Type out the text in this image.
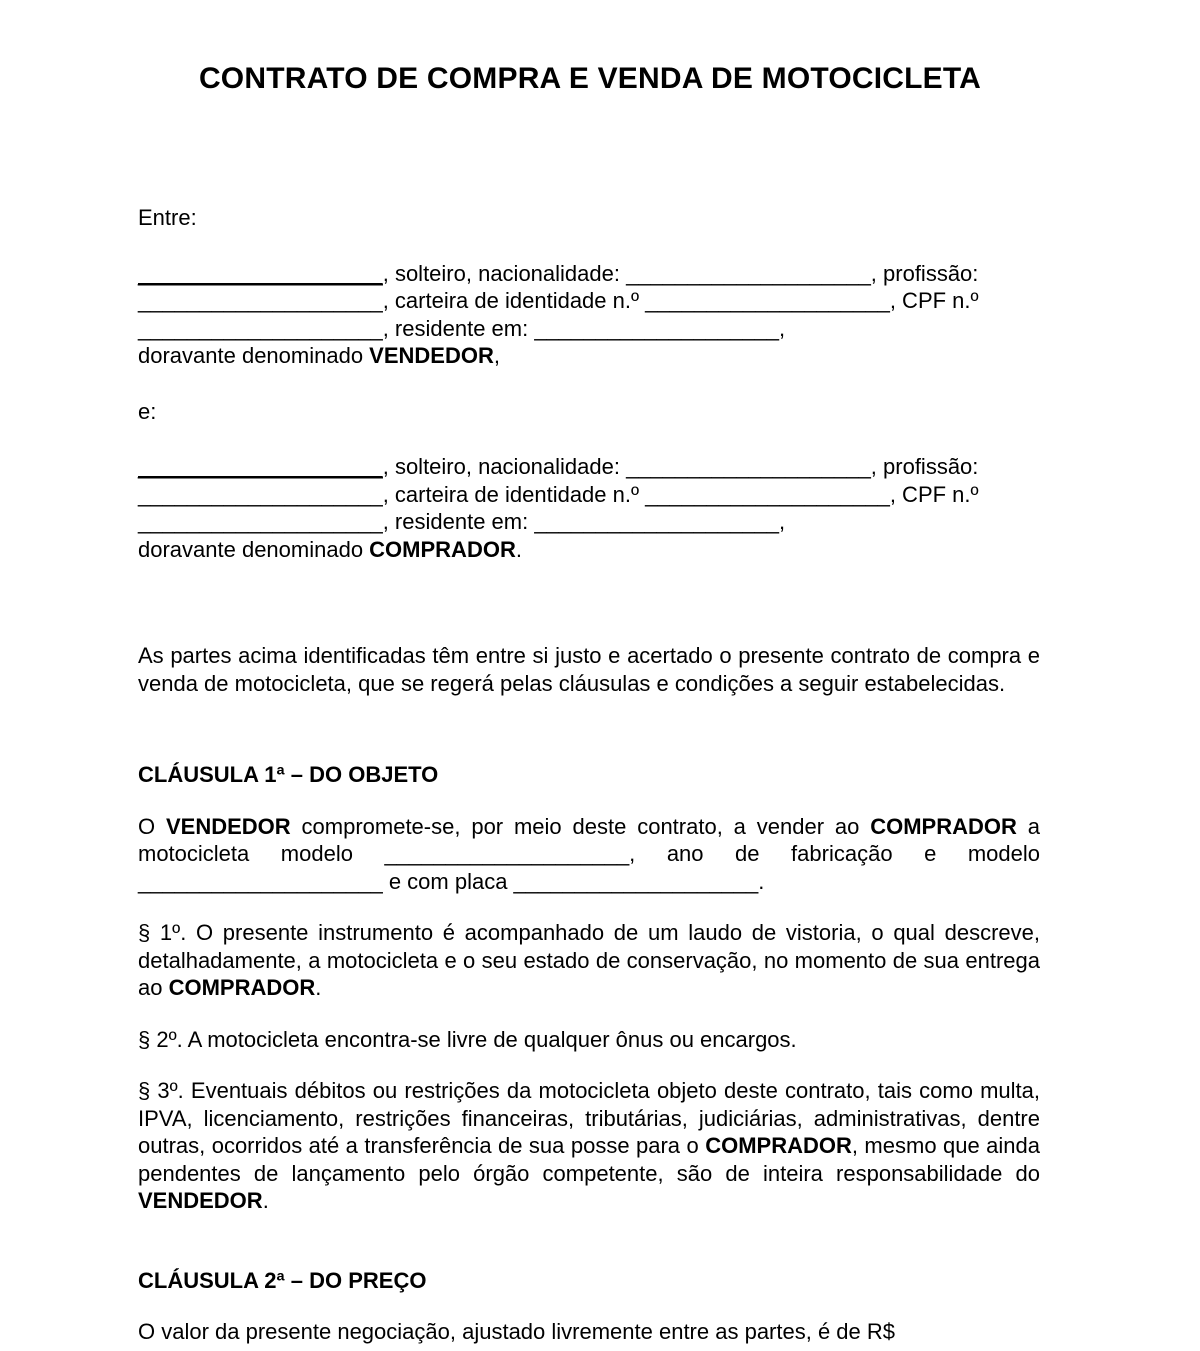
CONTRATO DE COMPRA E VENDA DE MOTOCICLETA
Entre:
____________________, solteiro, nacionalidade: ____________________, profissão:
____________________, carteira de identidade n.º ____________________, CPF n.º
____________________, residente em: ____________________,
doravante denominado VENDEDOR,
e:
____________________, solteiro, nacionalidade: ____________________, profissão:
____________________, carteira de identidade n.º ____________________, CPF n.º
____________________, residente em: ____________________,
doravante denominado COMPRADOR.

As partes acima identificadas têm entre si justo e acertado o presente contrato de compra e venda de motocicleta, que se regerá pelas cláusulas e condições a seguir estabelecidas.

CLÁUSULA 1ª – DO OBJETO

O VENDEDOR compromete-se, por meio deste contrato, a vender ao COMPRADOR a motocicleta modelo ____________________, ano de fabricação e modelo ____________________ e com placa ____________________.

§ 1º. O presente instrumento é acompanhado de um laudo de vistoria, o qual descreve, detalhadamente, a motocicleta e o seu estado de conservação, no momento de sua entrega ao COMPRADOR.

§ 2º. A motocicleta encontra-se livre de qualquer ônus ou encargos.

§ 3º. Eventuais débitos ou restrições da motocicleta objeto deste contrato, tais como multa, IPVA, licenciamento, restrições financeiras, tributárias, judiciárias, administrativas, dentre outras, ocorridos até a transferência de sua posse para o COMPRADOR, mesmo que ainda pendentes de lançamento pelo órgão competente, são de inteira responsabilidade do VENDEDOR.

CLÁUSULA 2ª – DO PREÇO

O valor da presente negociação, ajustado livremente entre as partes, é de R$
